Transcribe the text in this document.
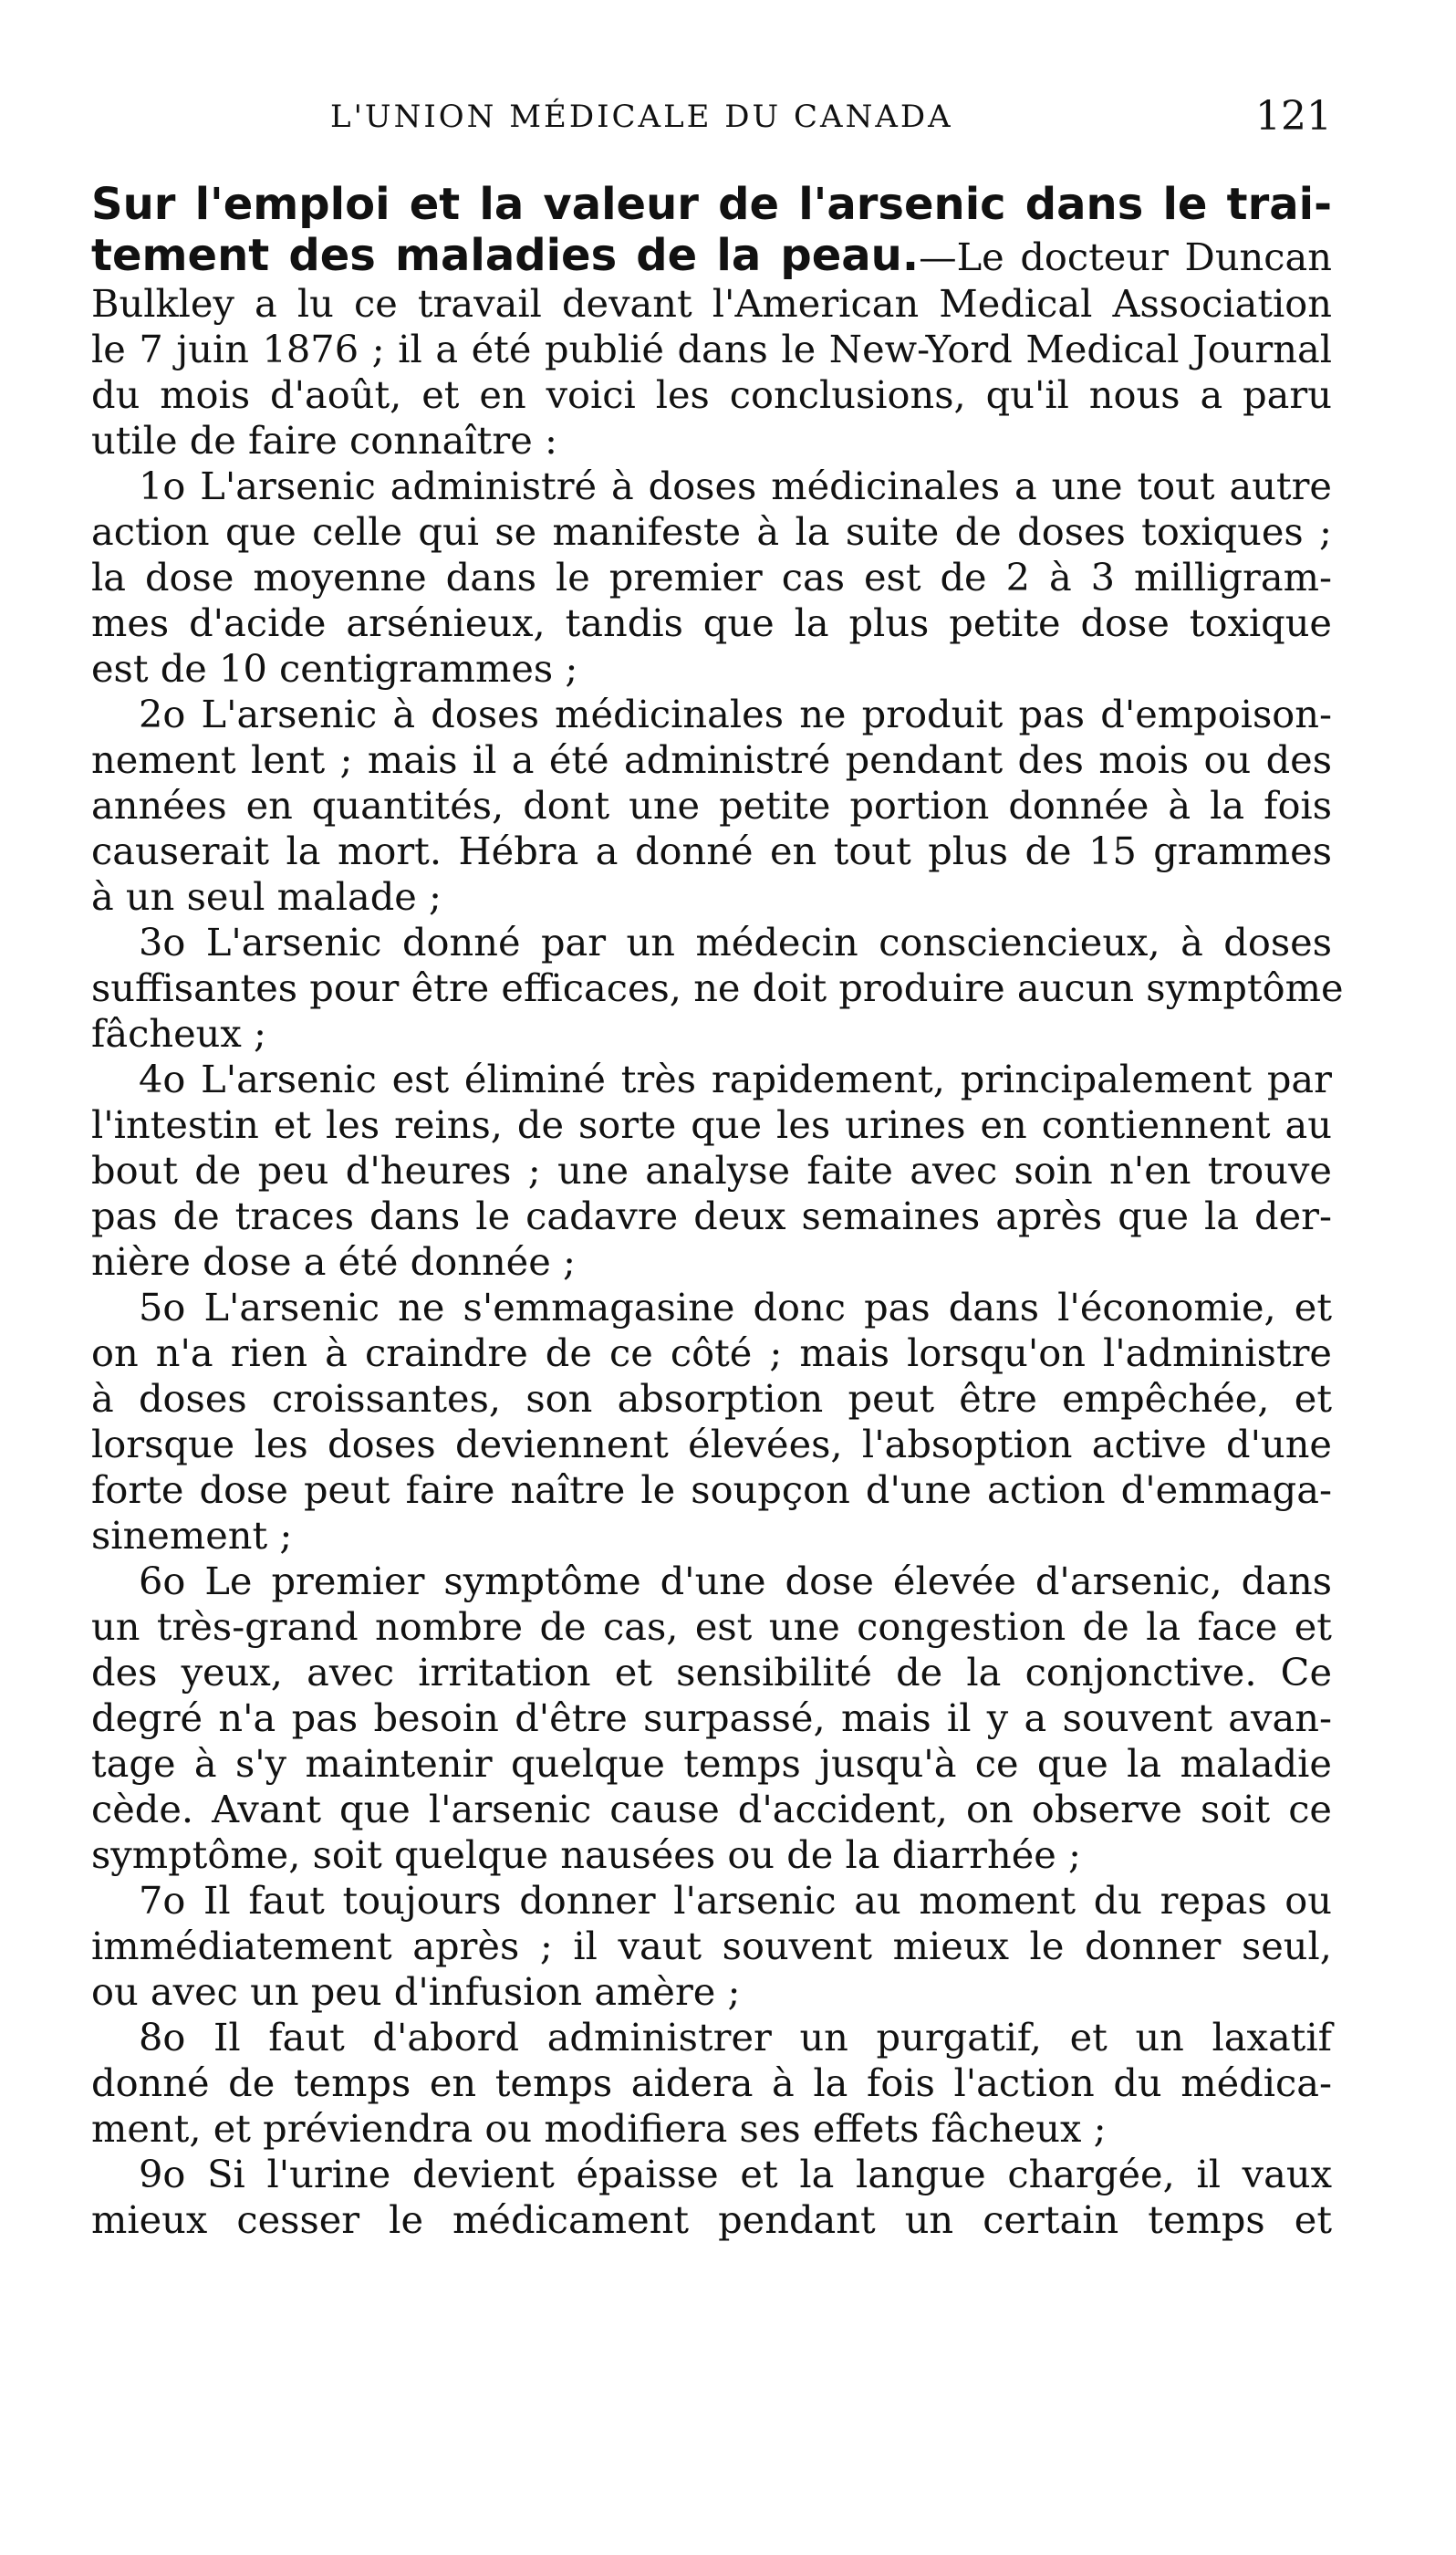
L'UNION MÉDICALE DU CANADA	121
Sur l'emploi et la valeur de l'arsenic dans le trai-
tement des maladies de la peau.—Le docteur Duncan
Bulkley a lu ce travail devant l'American Medical Association
le 7 juin 1876 ; il a été publié dans le New-Yord Medical Journal
du mois d'août, et en voici les conclusions, qu'il nous a paru
utile de faire connaître :
1o L'arsenic administré à doses médicinales a une tout autre
action que celle qui se manifeste à la suite de doses toxiques ;
la dose moyenne dans le premier cas est de 2 à 3 milligram-
mes d'acide arsénieux, tandis que la plus petite dose toxique
est de 10 centigrammes ;
2o L'arsenic à doses médicinales ne produit pas d'empoison-
nement lent ; mais il a été administré pendant des mois ou des
années en quantités, dont une petite portion donnée à la fois
causerait la mort. Hébra a donné en tout plus de 15 grammes
à un seul malade ;
3o L'arsenic donné par un médecin consciencieux, à doses
suffisantes pour être efficaces, ne doit produire aucun symptôme
fâcheux ;
4o L'arsenic est éliminé très rapidement, principalement par
l'intestin et les reins, de sorte que les urines en contiennent au
bout de peu d'heures ; une analyse faite avec soin n'en trouve
pas de traces dans le cadavre deux semaines après que la der-
nière dose a été donnée ;
5o L'arsenic ne s'emmagasine donc pas dans l'économie, et
on n'a rien à craindre de ce côté ; mais lorsqu'on l'administre
à doses croissantes, son absorption peut être empêchée, et
lorsque les doses deviennent élevées, l'absoption active d'une
forte dose peut faire naître le soupçon d'une action d'emmaga-
sinement ;
6o Le premier symptôme d'une dose élevée d'arsenic, dans
un très-grand nombre de cas, est une congestion de la face et
des yeux, avec irritation et sensibilité de la conjonctive. Ce
degré n'a pas besoin d'être surpassé, mais il y a souvent avan-
tage à s'y maintenir quelque temps jusqu'à ce que la maladie
cède. Avant que l'arsenic cause d'accident, on observe soit ce
symptôme, soit quelque nausées ou de la diarrhée ;
7o Il faut toujours donner l'arsenic au moment du repas ou
immédiatement après ; il vaut souvent mieux le donner seul,
ou avec un peu d'infusion amère ;
8o Il faut d'abord administrer un purgatif, et un laxatif
donné de temps en temps aidera à la fois l'action du médica-
ment, et préviendra ou modifiera ses effets fâcheux ;
9o Si l'urine devient épaisse et la langue chargée, il vaux
mieux cesser le médicament pendant un certain temps et
